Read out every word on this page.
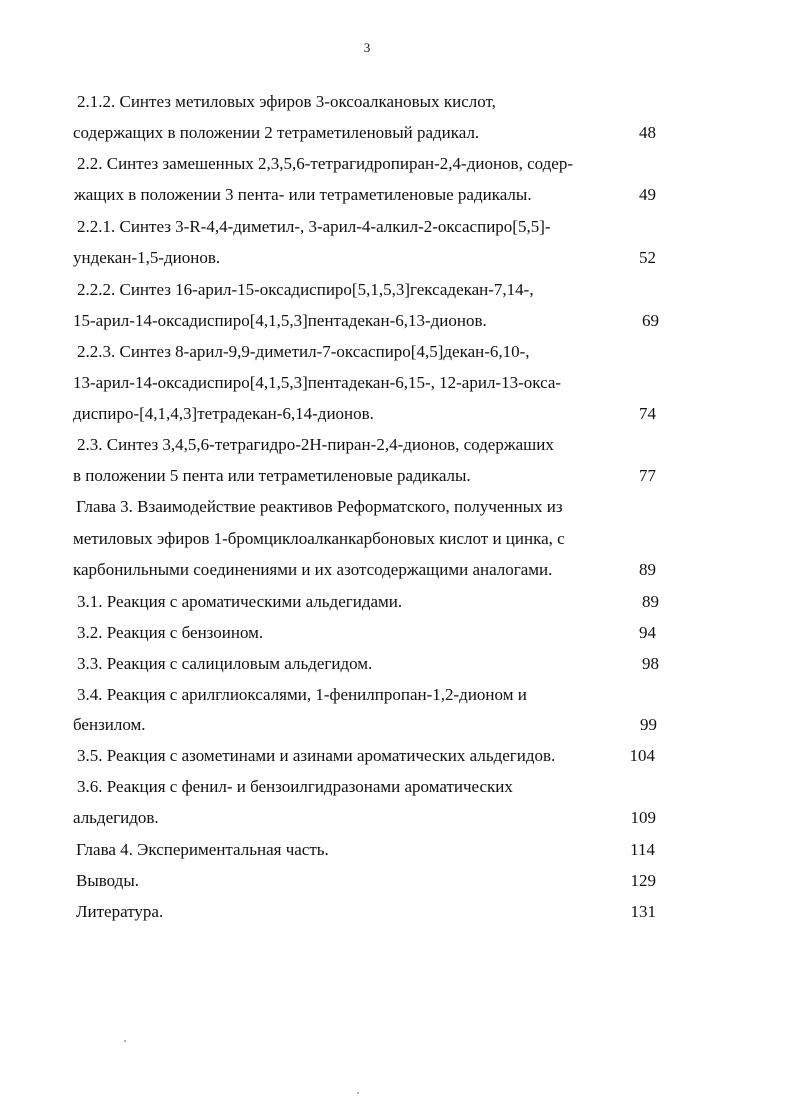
3
2.1.2. Синтез метиловых эфиров 3-оксоалкановых кислот,
содержащих в положении 2 тетраметиленовый радикал.	48
2.2. Синтез замешенных 2,3,5,6-тетрагидропиран-2,4-дионов, содер-
жащих в положении 3 пента- или тетраметиленовые радикалы.	49
2.2.1. Синтез 3-R-4,4-диметил-, 3-арил-4-алкил-2-оксаспиро[5,5]-
ундекан-1,5-дионов.	52
2.2.2. Синтез 16-арил-15-оксадиспиро[5,1,5,3]гексадекан-7,14-,
15-арил-14-оксадиспиро[4,1,5,3]пентадекан-6,13-дионов.	69
2.2.3. Синтез 8-арил-9,9-диметил-7-оксаспиро[4,5]декан-6,10-,
13-арил-14-оксадиспиро[4,1,5,3]пентадекан-6,15-, 12-арил-13-окса-
диспиро-[4,1,4,3]тетрадекан-6,14-дионов.	74
2.3. Синтез 3,4,5,6-тетрагидро-2Н-пиран-2,4-дионов, содержаших
в положении 5 пента или тетраметиленовые радикалы.	77
Глава 3. Взаимодействие реактивов Реформатского, полученных из
метиловых эфиров 1-бромциклоалканкарбоновых кислот и цинка, с
карбонильными соединениями и их азотсодержащими аналогами.	89
3.1. Реакция с ароматическими альдегидами.	89
3.2. Реакция с бензоином.	94
3.3. Реакция с салициловым альдегидом.	98
3.4. Реакция с арилглиоксалями, 1-фенилпропан-1,2-дионом и
бензилом.	99
3.5. Реакция с азометинами и азинами ароматических альдегидов.	104
3.6. Реакция с фенил- и бензоилгидразонами ароматических
альдегидов.	109
Глава 4. Экспериментальная часть.	114
Выводы.	129
Литература.	131
